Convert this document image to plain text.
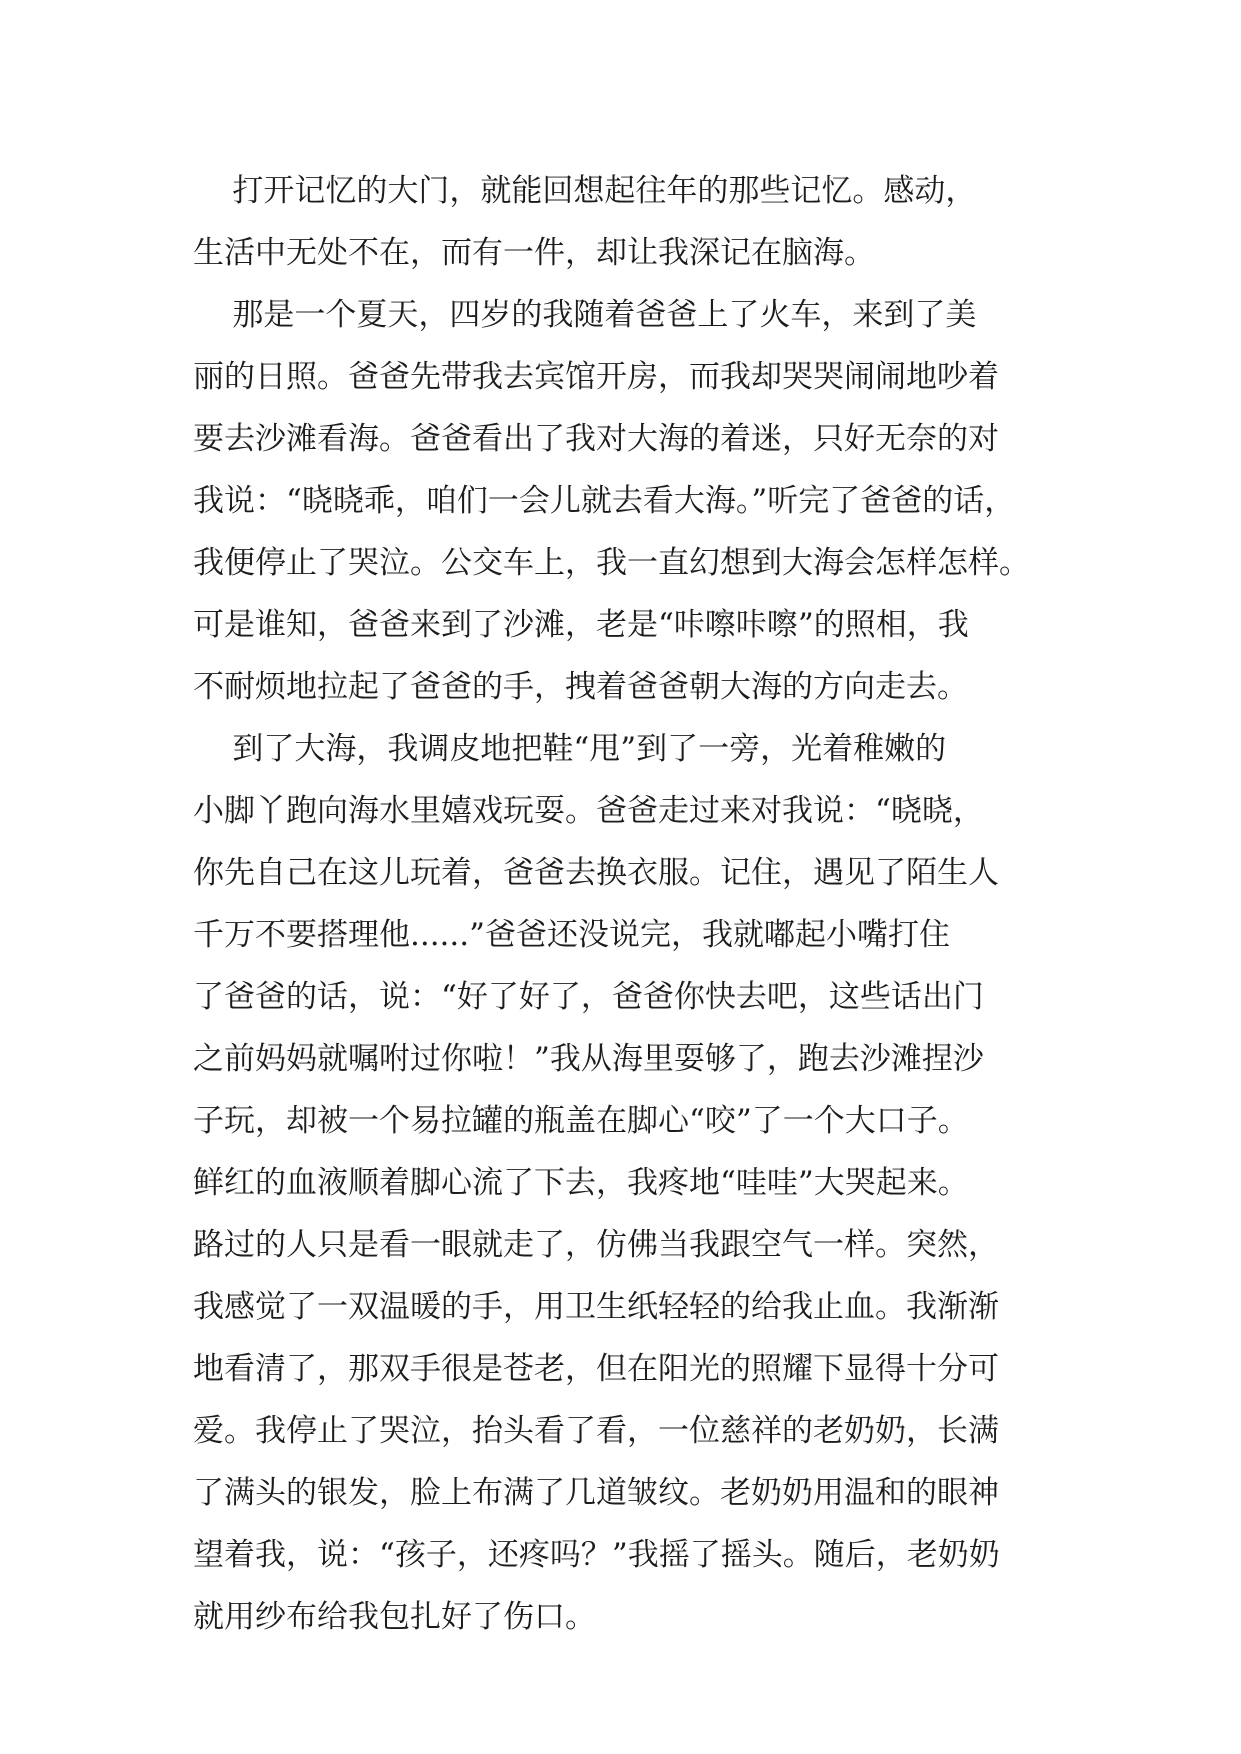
打开记忆的大门，就能回想起往年的那些记忆。感动，
生活中无处不在，而有一件，却让我深记在脑海。
那是一个夏天，四岁的我随着爸爸上了火车，来到了美
丽的日照。爸爸先带我去宾馆开房，而我却哭哭闹闹地吵着
要去沙滩看海。爸爸看出了我对大海的着迷，只好无奈的对
我说：“晓晓乖，咱们一会儿就去看大海。”听完了爸爸的话，
我便停止了哭泣。公交车上，我一直幻想到大海会怎样怎样。
可是谁知，爸爸来到了沙滩，老是“咔嚓咔嚓”的照相，我
不耐烦地拉起了爸爸的手，拽着爸爸朝大海的方向走去。
到了大海，我调皮地把鞋“甩”到了一旁，光着稚嫩的
小脚丫跑向海水里嬉戏玩耍。爸爸走过来对我说：“晓晓，
你先自己在这儿玩着，爸爸去换衣服。记住，遇见了陌生人
千万不要搭理他......”爸爸还没说完，我就嘟起小嘴打住
了爸爸的话，说：“好了好了，爸爸你快去吧，这些话出门
之前妈妈就嘱咐过你啦！”我从海里耍够了，跑去沙滩捏沙
子玩，却被一个易拉罐的瓶盖在脚心“咬”了一个大口子。
鲜红的血液顺着脚心流了下去，我疼地“哇哇”大哭起来。
路过的人只是看一眼就走了，仿佛当我跟空气一样。突然，
我感觉了一双温暖的手，用卫生纸轻轻的给我止血。我渐渐
地看清了，那双手很是苍老，但在阳光的照耀下显得十分可
爱。我停止了哭泣，抬头看了看，一位慈祥的老奶奶，长满
了满头的银发，脸上布满了几道皱纹。老奶奶用温和的眼神
望着我，说：“孩子，还疼吗？”我摇了摇头。随后，老奶奶
就用纱布给我包扎好了伤口。
